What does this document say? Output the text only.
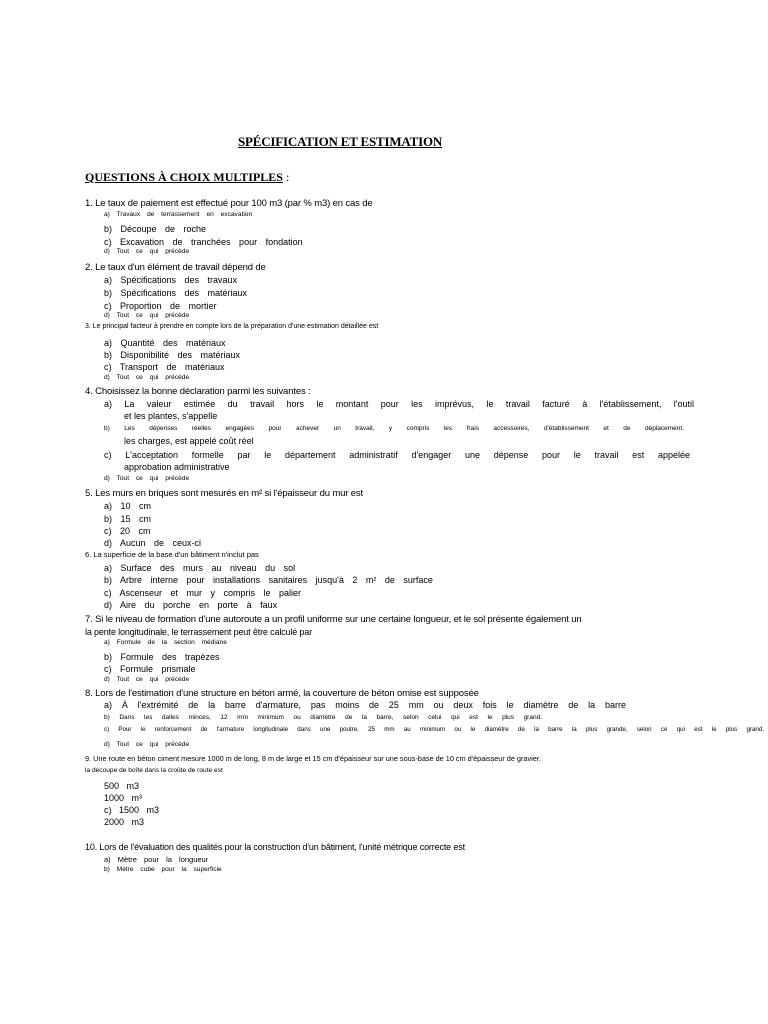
SPÉCIFICATION ET ESTIMATION
QUESTIONS À CHOIX MULTIPLES :
1. Le taux de paiement est effectué pour 100 m3 (par % m3) en cas de
a) Travaux de terrassement en excavation
b) Découpe de roche
c) Excavation de tranchées pour fondation
d) Tout ce qui précède
2. Le taux d'un élément de travail dépend de
a) Spécifications des travaux
b) Spécifications des matériaux
c) Proportion de mortier
d) Tout ce qui précède
3. Le principal facteur à prendre en compte lors de la préparation d'une estimation détaillée est
a) Quantité des matériaux
b) Disponibilité des matériaux
c) Transport de matériaux
d) Tout ce qui précède
4. Choisissez la bonne déclaration parmi les suivantes :
a) La valeur estimée du travail hors le montant pour les imprévus, le travail facturé à l'établissement, l'outil
et les plantes, s'appelle
b) Les dépenses réelles engagées pour achever un travail, y compris les frais accessoires, d'établissement et de déplacement.
les charges, est appelé coût réel
c) L'acceptation formelle par le département administratif d'engager une dépense pour le travail est appelée
approbation administrative
d) Tout ce qui précède
5. Les murs en briques sont mesurés en m² si l'épaisseur du mur est
a) 10 cm
b) 15 cm
c) 20 cm
d) Aucun de ceux-ci
6. La superficie de la base d'un bâtiment n'inclut pas
a) Surface des murs au niveau du sol
b) Arbre interne pour installations sanitaires jusqu'à 2 m² de surface
c) Ascenseur et mur y compris le palier
d) Aire du porche en porte à faux
7. Si le niveau de formation d'une autoroute a un profil uniforme sur une certaine longueur, et le sol présente également un
la pente longitudinale, le terrassement peut être calculé par
a) Formule de la section médiane
b) Formule des trapèzes
c) Formule prismale
d) Tout ce qui précède
8. Lors de l'estimation d'une structure en béton armé, la couverture de béton omise est supposée
a) À l'extrémité de la barre d'armature, pas moins de 25 mm ou deux fois le diamètre de la barre
b) Dans les dalles minces, 12 mm minimum ou diamètre de la barre, selon celui qui est le plus grand.
c) Pour le renforcement de l'armature longitudinale dans une poutre, 25 mm au minimum ou le diamètre de la barre la plus grande, selon ce qui est le plus grand.
d) Tout ce qui précède
9. Une route en béton ciment mesure 1000 m de long, 8 m de large et 15 cm d'épaisseur sur une sous-base de 10 cm d'épaisseur de gravier.
la découpe de boîte dans la croûte de route est
500 m3
1000 m³
c) 1500 m3
2000 m3
10. Lors de l'évaluation des qualités pour la construction d'un bâtiment, l'unité métrique correcte est
a) Mètre pour la longueur
b) Mètre cube pour la superficie
